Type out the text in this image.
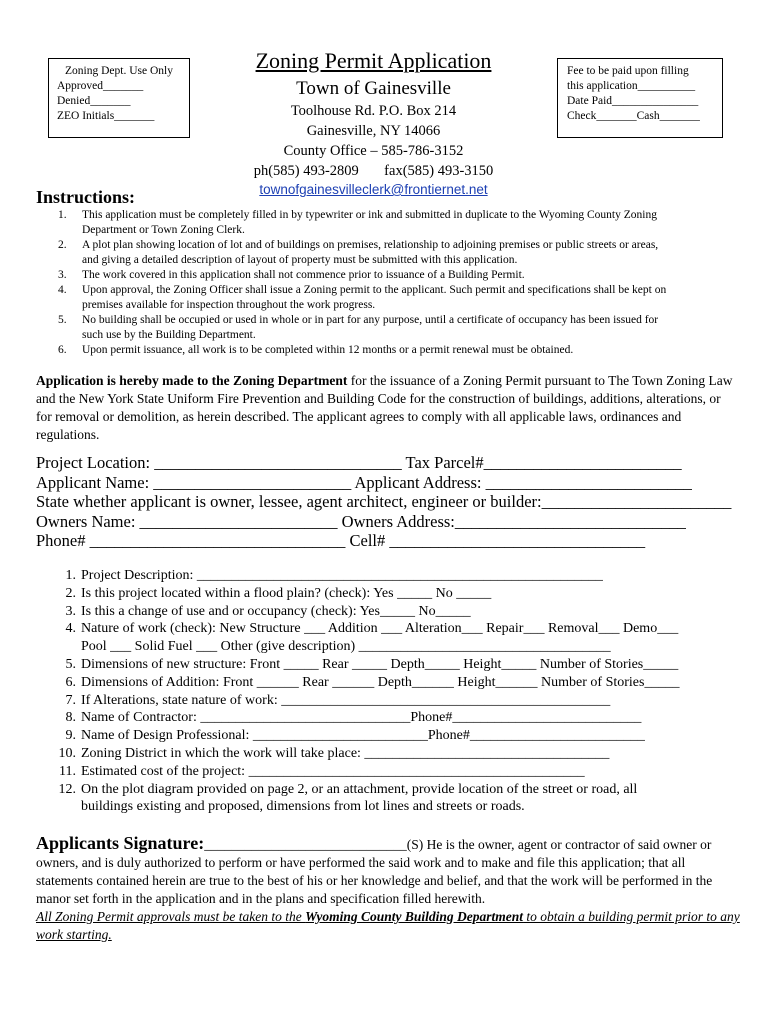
Zoning Dept. Use Only
Approved_______
Denied_______
ZEO Initials_______
Fee to be paid upon filling
this application__________
Date Paid_______________
Check_______Cash_______
Zoning Permit Application
Town of Gainesville
Toolhouse Rd. P.O. Box 214
Gainesville, NY 14066
County Office – 585-786-3152
ph(585) 493-2809       fax(585) 493-3150
townofgainesvilleclerk@frontiernet.net
Instructions:
1. This application must be completely filled in by typewriter or ink and submitted in duplicate to the Wyoming County Zoning
Department or Town Zoning Clerk.
2. A plot plan showing location of lot and of buildings on premises, relationship to adjoining premises or public streets or areas,
and giving a detailed description of layout of property must be submitted with this application.
3. The work covered in this application shall not commence prior to issuance of a Building Permit.
4. Upon approval, the Zoning Officer shall issue a Zoning permit to the applicant. Such permit and specifications shall be kept on
premises available for inspection throughout the work progress.
5. No building shall be occupied or used in whole or in part for any purpose, until a certificate of occupancy has been issued for
such use by the Building Department.
6. Upon permit issuance, all work is to be completed within 12 months or a permit renewal must be obtained.
Application is hereby made to the Zoning Department for the issuance of a Zoning Permit pursuant to The Town Zoning Law and the New York State Uniform Fire Prevention and Building Code for the construction of buildings, additions, alterations, or for removal or demolition, as herein described. The applicant agrees to comply with all applicable laws, ordinances and regulations.
Project Location: ______________________________ Tax Parcel#________________________
Applicant Name: ________________________ Applicant Address: _________________________
State whether applicant is owner, lessee, agent architect, engineer or builder:_______________________
Owners Name: ________________________ Owners Address:____________________________
Phone# _______________________________ Cell# _______________________________
1. Project Description: __________________________________________________________
2. Is this project located within a flood plain? (check): Yes _____ No _____
3. Is this a change of use and or occupancy (check): Yes_____ No_____
4. Nature of work (check): New Structure ___ Addition ___ Alteration___ Repair___ Removal___ Demo___
Pool ___ Solid Fuel ___ Other (give description) ____________________________________
5. Dimensions of new structure: Front _____ Rear _____ Depth_____ Height_____ Number of Stories_____
6. Dimensions of Addition: Front ______ Rear ______ Depth______ Height______ Number of Stories_____
7. If Alterations, state nature of work: _______________________________________________
8. Name of Contractor: ______________________________Phone#___________________________
9. Name of Design Professional: _________________________Phone#_________________________
10. Zoning District in which the work will take place: ___________________________________
11. Estimated cost of the project: ________________________________________________
12. On the plot diagram provided on page 2, or an attachment, provide location of the street or road, all
buildings existing and proposed, dimensions from lot lines and streets or roads.
Applicants Signature:______________________________(S) He is the owner, agent or contractor of said owner or owners, and is duly authorized to perform or have performed the said work and to make and file this application; that all statements contained herein are true to the best of his or her knowledge and belief, and that the work will be performed in the manor set forth in the application and in the plans and specification filled herewith.
All Zoning Permit approvals must be taken to the Wyoming County Building Department to obtain a building permit prior to any work starting.
